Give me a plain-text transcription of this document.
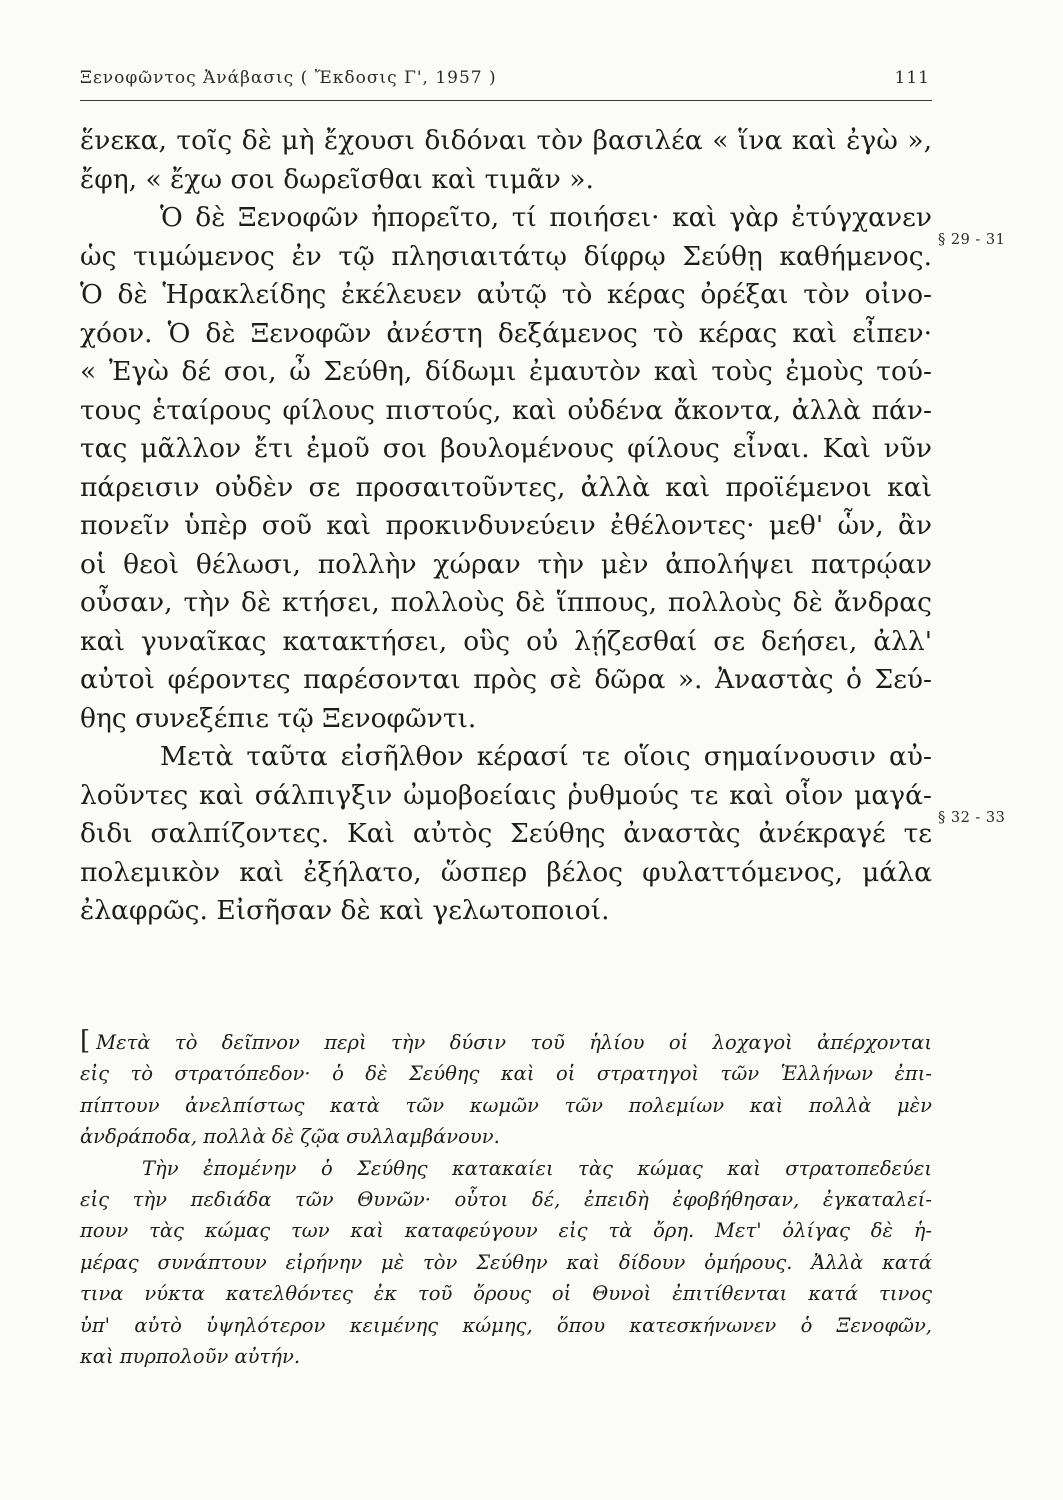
Ξενοφῶντος Ἀνάβασις ( Ἔκδοσις Γ', 1957 )	111
ἕνεκα, τοῖς δὲ μὴ ἔχουσι διδόναι τὸν βασιλέα « ἵνα καὶ ἐγὼ »,
ἔφη, « ἔχω σοι δωρεῖσθαι καὶ τιμᾶν ».
Ὁ δὲ Ξενοφῶν ἠπορεῖτο, τί ποιήσει· καὶ γὰρ ἐτύγχανεν
ὡς τιμώμενος ἐν τῷ πλησιαιτάτῳ δίφρῳ Σεύθῃ καθήμενος.
Ὁ δὲ Ἡρακλείδης ἐκέλευεν αὐτῷ τὸ κέρας ὀρέξαι τὸν οἰνο-
χόον. Ὁ δὲ Ξενοφῶν ἀνέστη δεξάμενος τὸ κέρας καὶ εἶπεν·
« Ἐγὼ δέ σοι, ὦ Σεύθη, δίδωμι ἐμαυτὸν καὶ τοὺς ἐμοὺς τού-
τους ἑταίρους φίλους πιστούς, καὶ οὐδένα ἄκοντα, ἀλλὰ πάν-
τας μᾶλλον ἔτι ἐμοῦ σοι βουλομένους φίλους εἶναι. Καὶ νῦν
πάρεισιν οὐδὲν σε προσαιτοῦντες, ἀλλὰ καὶ προϊέμενοι καὶ
πονεῖν ὑπὲρ σοῦ καὶ προκινδυνεύειν ἐθέλοντες· μεθ' ὧν, ἂν
οἱ θεοὶ θέλωσι, πολλὴν χώραν τὴν μὲν ἀπολήψει πατρῴαν
οὖσαν, τὴν δὲ κτήσει, πολλοὺς δὲ ἵππους, πολλοὺς δὲ ἄνδρας
καὶ γυναῖκας κατακτήσει, οὓς οὐ λῄζεσθαί σε δεήσει, ἀλλ'
αὐτοὶ φέροντες παρέσονται πρὸς σὲ δῶρα ». Ἀναστὰς ὁ Σεύ-
θης συνεξέπιε τῷ Ξενοφῶντι.
Μετὰ ταῦτα εἰσῆλθον κέρασί τε οἵοις σημαίνουσιν αὐ-
λοῦντες καὶ σάλπιγξιν ὠμοβοείαις ῥυθμούς τε καὶ οἷον μαγά-
διδι σαλπίζοντες. Καὶ αὐτὸς Σεύθης ἀναστὰς ἀνέκραγέ τε
πολεμικὸν καὶ ἐξήλατο, ὥσπερ βέλος φυλαττόμενος, μάλα
ἐλαφρῶς. Εἰσῆσαν δὲ καὶ γελωτοποιοί.
§ 29 - 31
§ 32 - 33
[ Μετὰ τὸ δεῖπνον περὶ τὴν δύσιν τοῦ ἡλίου οἱ λοχαγοὶ ἀπέρχονται
εἰς τὸ στρατόπεδον· ὁ δὲ Σεύθης καὶ οἱ στρατηγοὶ τῶν Ἑλλήνων ἐπι-
πίπτουν ἀνελπίστως κατὰ τῶν κωμῶν τῶν πολεμίων καὶ πολλὰ μὲν
ἀνδράποδα, πολλὰ δὲ ζῷα συλλαμβάνουν.
Τὴν ἐπομένην ὁ Σεύθης κατακαίει τὰς κώμας καὶ στρατοπεδεύει
εἰς τὴν πεδιάδα τῶν Θυνῶν· οὗτοι δέ, ἐπειδὴ ἐφοβήθησαν, ἐγκαταλεί-
πουν τὰς κώμας των καὶ καταφεύγουν εἰς τὰ ὄρη. Μετ' ὀλίγας δὲ ἡ-
μέρας συνάπτουν εἰρήνην μὲ τὸν Σεύθην καὶ δίδουν ὁμήρους. Ἀλλὰ κατά
τινα νύκτα κατελθόντες ἐκ τοῦ ὄρους οἱ Θυνοὶ ἐπιτίθενται κατά τινος
ὑπ' αὐτὸ ὑψηλότερον κειμένης κώμης, ὅπου κατεσκήνωνεν ὁ Ξενοφῶν,
καὶ πυρπολοῦν αὐτήν.
